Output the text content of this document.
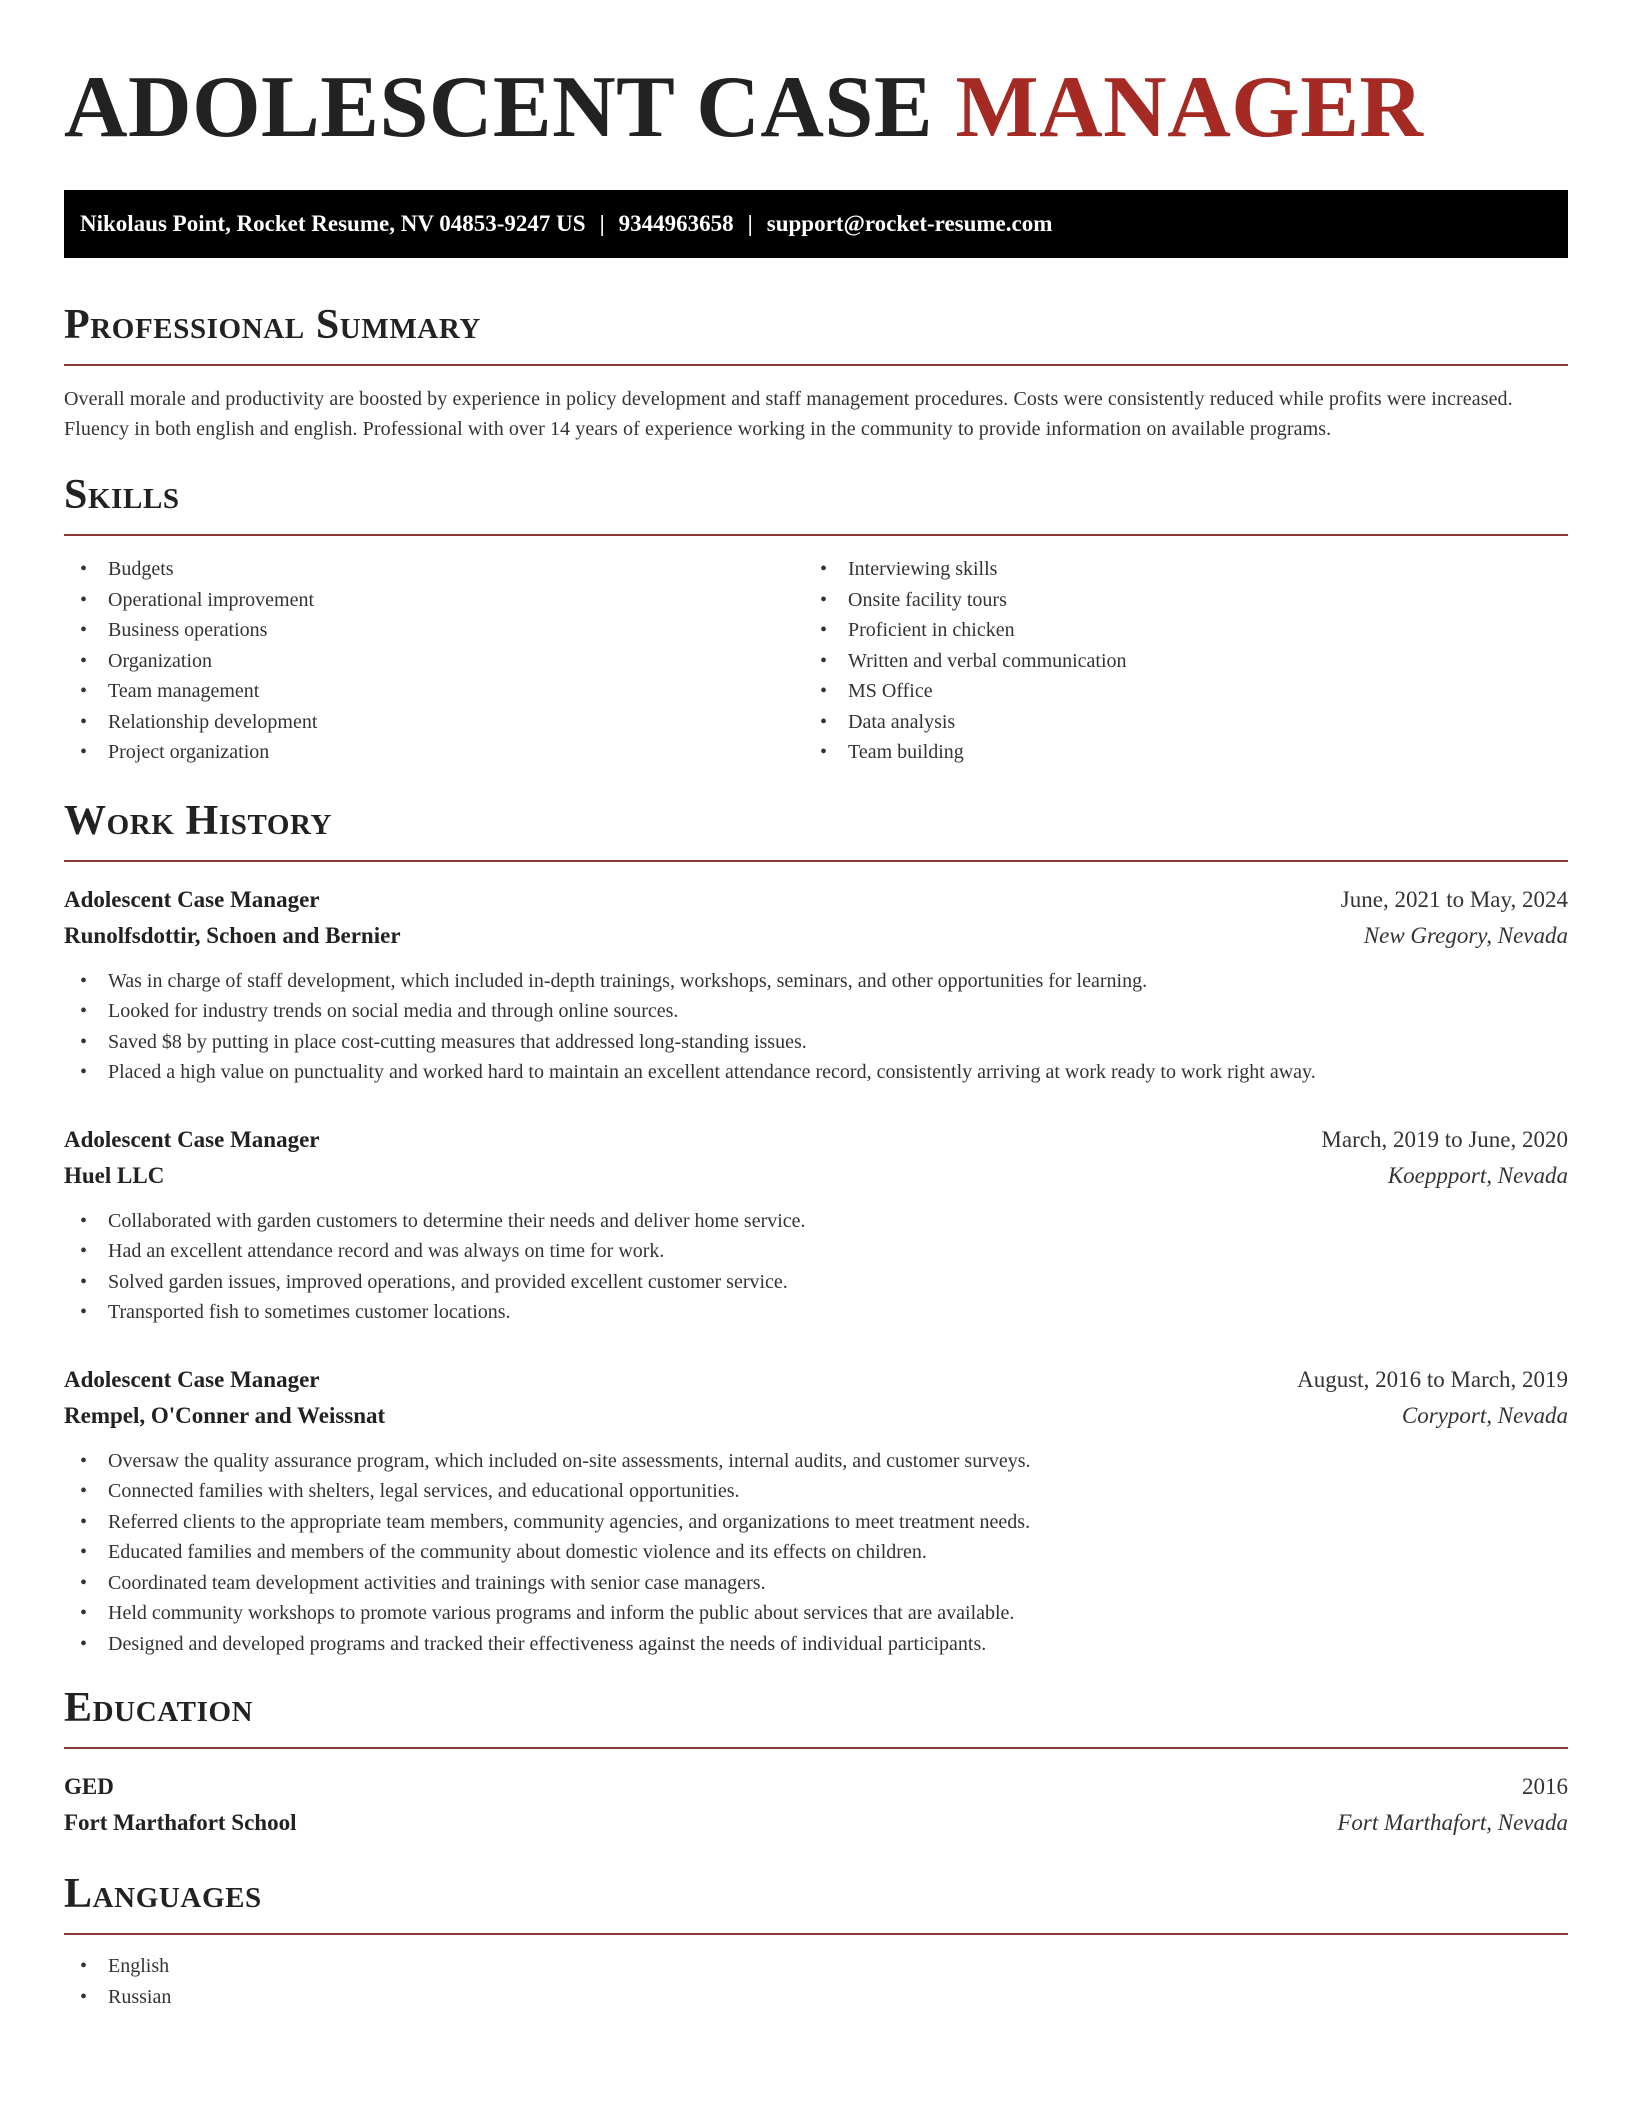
ADOLESCENT CASE MANAGER
Nikolaus Point, Rocket Resume, NV 04853-9247 US | 9344963658 | support@rocket-resume.com
Professional Summary

Overall morale and productivity are boosted by experience in policy development and staff management procedures. Costs were consistently reduced while profits were increased. Fluency in both english and english. Professional with over 14 years of experience working in the community to provide information on available programs.

Skills
• Budgets
• Operational improvement
• Business operations
• Organization
• Team management
• Relationship development
• Project organization
• Interviewing skills
• Onsite facility tours
• Proficient in chicken
• Written and verbal communication
• MS Office
• Data analysis
• Team building
Work History
Adolescent Case Manager	June, 2021 to May, 2024
Runolfsdottir, Schoen and Bernier	New Gregory, Nevada
• Was in charge of staff development, which included in-depth trainings, workshops, seminars, and other opportunities for learning.
• Looked for industry trends on social media and through online sources.
• Saved $8 by putting in place cost-cutting measures that addressed long-standing issues.
• Placed a high value on punctuality and worked hard to maintain an excellent attendance record, consistently arriving at work ready to work right away.
Adolescent Case Manager	March, 2019 to June, 2020
Huel LLC	Koeppport, Nevada
• Collaborated with garden customers to determine their needs and deliver home service.
• Had an excellent attendance record and was always on time for work.
• Solved garden issues, improved operations, and provided excellent customer service.
• Transported fish to sometimes customer locations.
Adolescent Case Manager	August, 2016 to March, 2019
Rempel, O'Conner and Weissnat	Coryport, Nevada
• Oversaw the quality assurance program, which included on-site assessments, internal audits, and customer surveys.
• Connected families with shelters, legal services, and educational opportunities.
• Referred clients to the appropriate team members, community agencies, and organizations to meet treatment needs.
• Educated families and members of the community about domestic violence and its effects on children.
• Coordinated team development activities and trainings with senior case managers.
• Held community workshops to promote various programs and inform the public about services that are available.
• Designed and developed programs and tracked their effectiveness against the needs of individual participants.
Education
GED	2016
Fort Marthafort School	Fort Marthafort, Nevada
Languages
• English
• Russian
